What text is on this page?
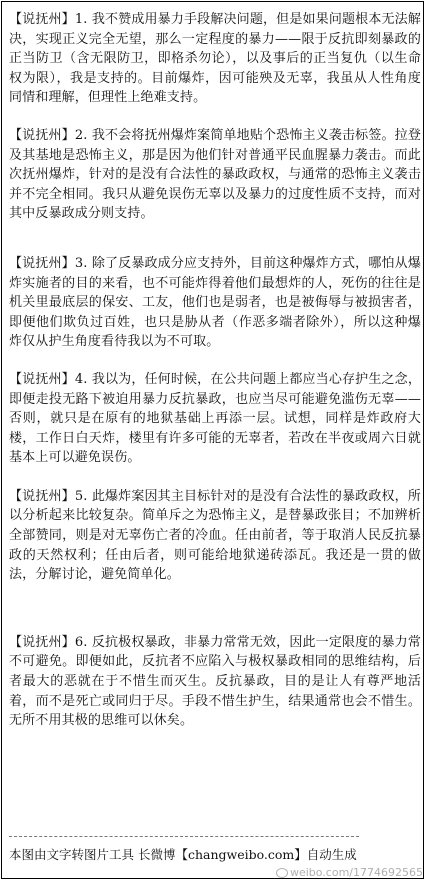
【说抚州】1. 我不赞成用暴力手段解决问题，但是如果问题根本无法解决，实现正义完全无望，那么一定程度的暴力——限于反抗即刻暴政的正当防卫（含无限防卫，即格杀勿论），以及事后的正当复仇（以生命权为限），我是支持的。目前爆炸，因可能殃及无辜，我虽从人性角度同情和理解，但理性上绝难支持。

【说抚州】2. 我不会将抚州爆炸案简单地贴个恐怖主义袭击标签。拉登及其基地是恐怖主义，那是因为他们针对普通平民血腥暴力袭击。而此次抚州爆炸，针对的是没有合法性的暴政政权，与通常的恐怖主义袭击并不完全相同。我只从避免误伤无辜以及暴力的过度性质不支持，而对其中反暴政成分则支持。

【说抚州】3. 除了反暴政成分应支持外，目前这种爆炸方式，哪怕从爆炸实施者的目的来看，也不可能炸得着他们最想炸的人，死伤的往往是机关里最底层的保安、工友，他们也是弱者，也是被侮辱与被损害者，即便他们欺负过百姓，也只是胁从者（作恶多端者除外），所以这种爆炸仅从护生角度看待我以为不可取。

【说抚州】4. 我以为，任何时候，在公共问题上都应当心存护生之念，即便走投无路下被迫用暴力反抗暴政，也应当尽可能避免滥伤无辜——否则，就只是在原有的地狱基础上再添一层。试想，同样是炸政府大楼，工作日白天炸，楼里有许多可能的无辜者，若改在半夜或周六日就基本上可以避免误伤。

【说抚州】5. 此爆炸案因其主目标针对的是没有合法性的暴政政权，所以分析起来比较复杂。简单斥之为恐怖主义，是替暴政张目；不加辨析全部赞同，则是对无辜伤亡者的冷血。任由前者，等于取消人民反抗暴政的天然权利；任由后者，则可能给地狱递砖添瓦。我还是一贯的做法，分解讨论，避免简单化。

【说抚州】6. 反抗极权暴政，非暴力常常无效，因此一定限度的暴力常不可避免。即便如此，反抗者不应陷入与极权暴政相同的思维结构，后者最大的恶就在于不惜生而灭生。反抗暴政，目的是让人有尊严地活着，而不是死亡或同归于尽。手段不惜生护生，结果通常也会不惜生。无所不用其极的思维可以休矣。

本图由文字转图片工具 长微博【changweibo.com】自动生成
weibo.com/1774692565
